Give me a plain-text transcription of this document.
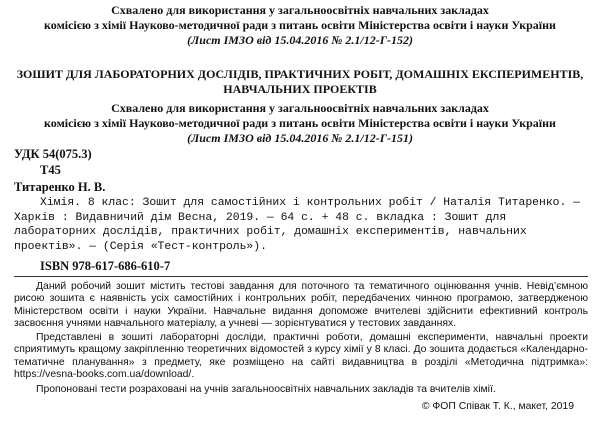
Схвалено для використання у загальноосвітніх навчальних закладах
комісією з хімії Науково-методичної ради з питань освіти Міністерства освіти і науки України
(Лист ІМЗО від 15.04.2016 № 2.1/12-Г-152)
ЗОШИТ ДЛЯ ЛАБОРАТОРНИХ ДОСЛІДІВ, ПРАКТИЧНИХ РОБІТ, ДОМАШНІХ ЕКСПЕРИМЕНТІВ,
НАВЧАЛЬНИХ ПРОЕКТІВ
Схвалено для використання у загальноосвітніх навчальних закладах
комісією з хімії Науково-методичної ради з питань освіти Міністерства освіти і науки України
(Лист ІМЗО від 15.04.2016 № 2.1/12-Г-151)
УДК 54(075.3)
Т45
Титаренко Н. В.
Хімія. 8 клас: Зошит для самостійних і контрольних робіт / Наталія Титаренко. — Харків : Видавничий дім Весна, 2019. — 64 с. + 48 с. вкладка : Зошит для лабораторних дослідів, практичних робіт, домашніх експериментів, навчальних проектів». — (Серія «Тест-контроль»).
ISBN 978-617-686-610-7
Даний робочий зошит містить тестові завдання для поточного та тематичного оцінювання учнів. Невід’ємною рисою зошита є наявність усіх самостійних і контрольних робіт, передбачених чинною програмою, затвердженою Міністерством освіти і науки України. Навчальне видання допоможе вчителеві здійснити ефективний контроль засвоєння учнями навчального матеріалу, а учневі — зорієнтуватися у тестових завданнях.
Представлені в зошиті лабораторні досліди, практичні роботи, домашні експерименти, навчальні проекти сприятимуть кращому закріпленню теоретичних відомостей з курсу хімії у 8 класі. До зошита додається «Календарно-тематичне планування» з предмету, яке розміщено на сайті видавництва в розділі «Методична підтримка»: https://vesna-books.com.ua/download/.
Пропоновані тести розраховані на учнів загальноосвітніх навчальних закладів та вчителів хімії.
© ФОП Співак Т. К., макет, 2019
